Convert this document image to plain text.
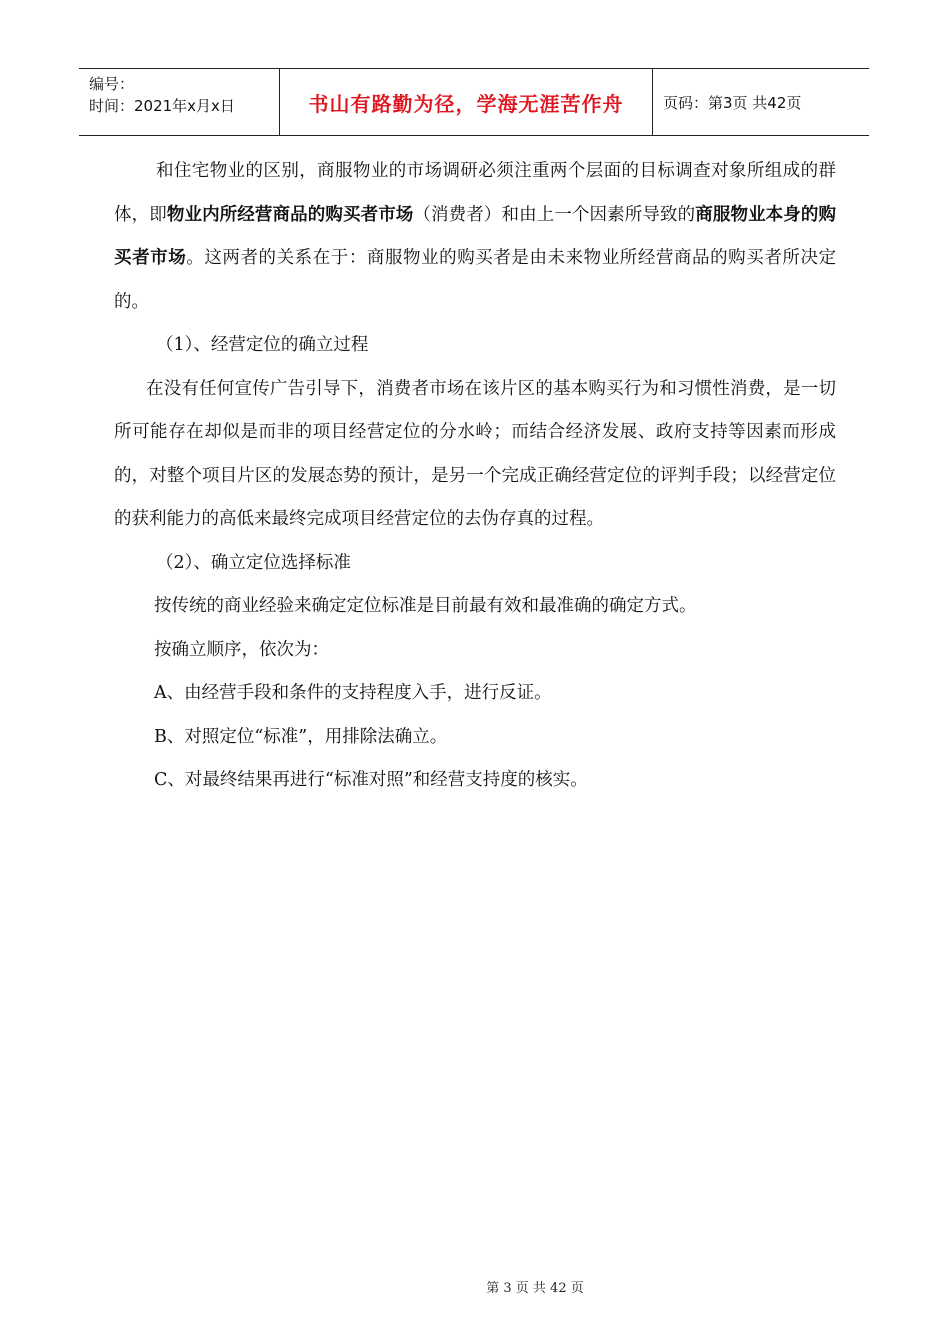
编号：
时间：2021年x月x日	书山有路勤为径，学海无涯苦作舟	页码：第3页 共42页

和住宅物业的区别，商服物业的市场调研必须注重两个层面的目标调查对象所组成的群体，即物业内所经营商品的购买者市场（消费者）和由上一个因素所导致的商服物业本身的购买者市场。这两者的关系在于：商服物业的购买者是由未来物业所经营商品的购买者所决定的。

（1）、经营定位的确立过程

在没有任何宣传广告引导下，消费者市场在该片区的基本购买行为和习惯性消费，是一切所可能存在却似是而非的项目经营定位的分水岭；而结合经济发展、政府支持等因素而形成的，对整个项目片区的发展态势的预计，是另一个完成正确经营定位的评判手段；以经营定位的获利能力的高低来最终完成项目经营定位的去伪存真的过程。

（2）、确立定位选择标准

按传统的商业经验来确定定位标准是目前最有效和最准确的确定方式。

按确立顺序，依次为：

A、由经营手段和条件的支持程度入手，进行反证。

B、对照定位“标准”，用排除法确立。

C、对最终结果再进行“标准对照”和经营支持度的核实。

第 3 页 共 42 页
